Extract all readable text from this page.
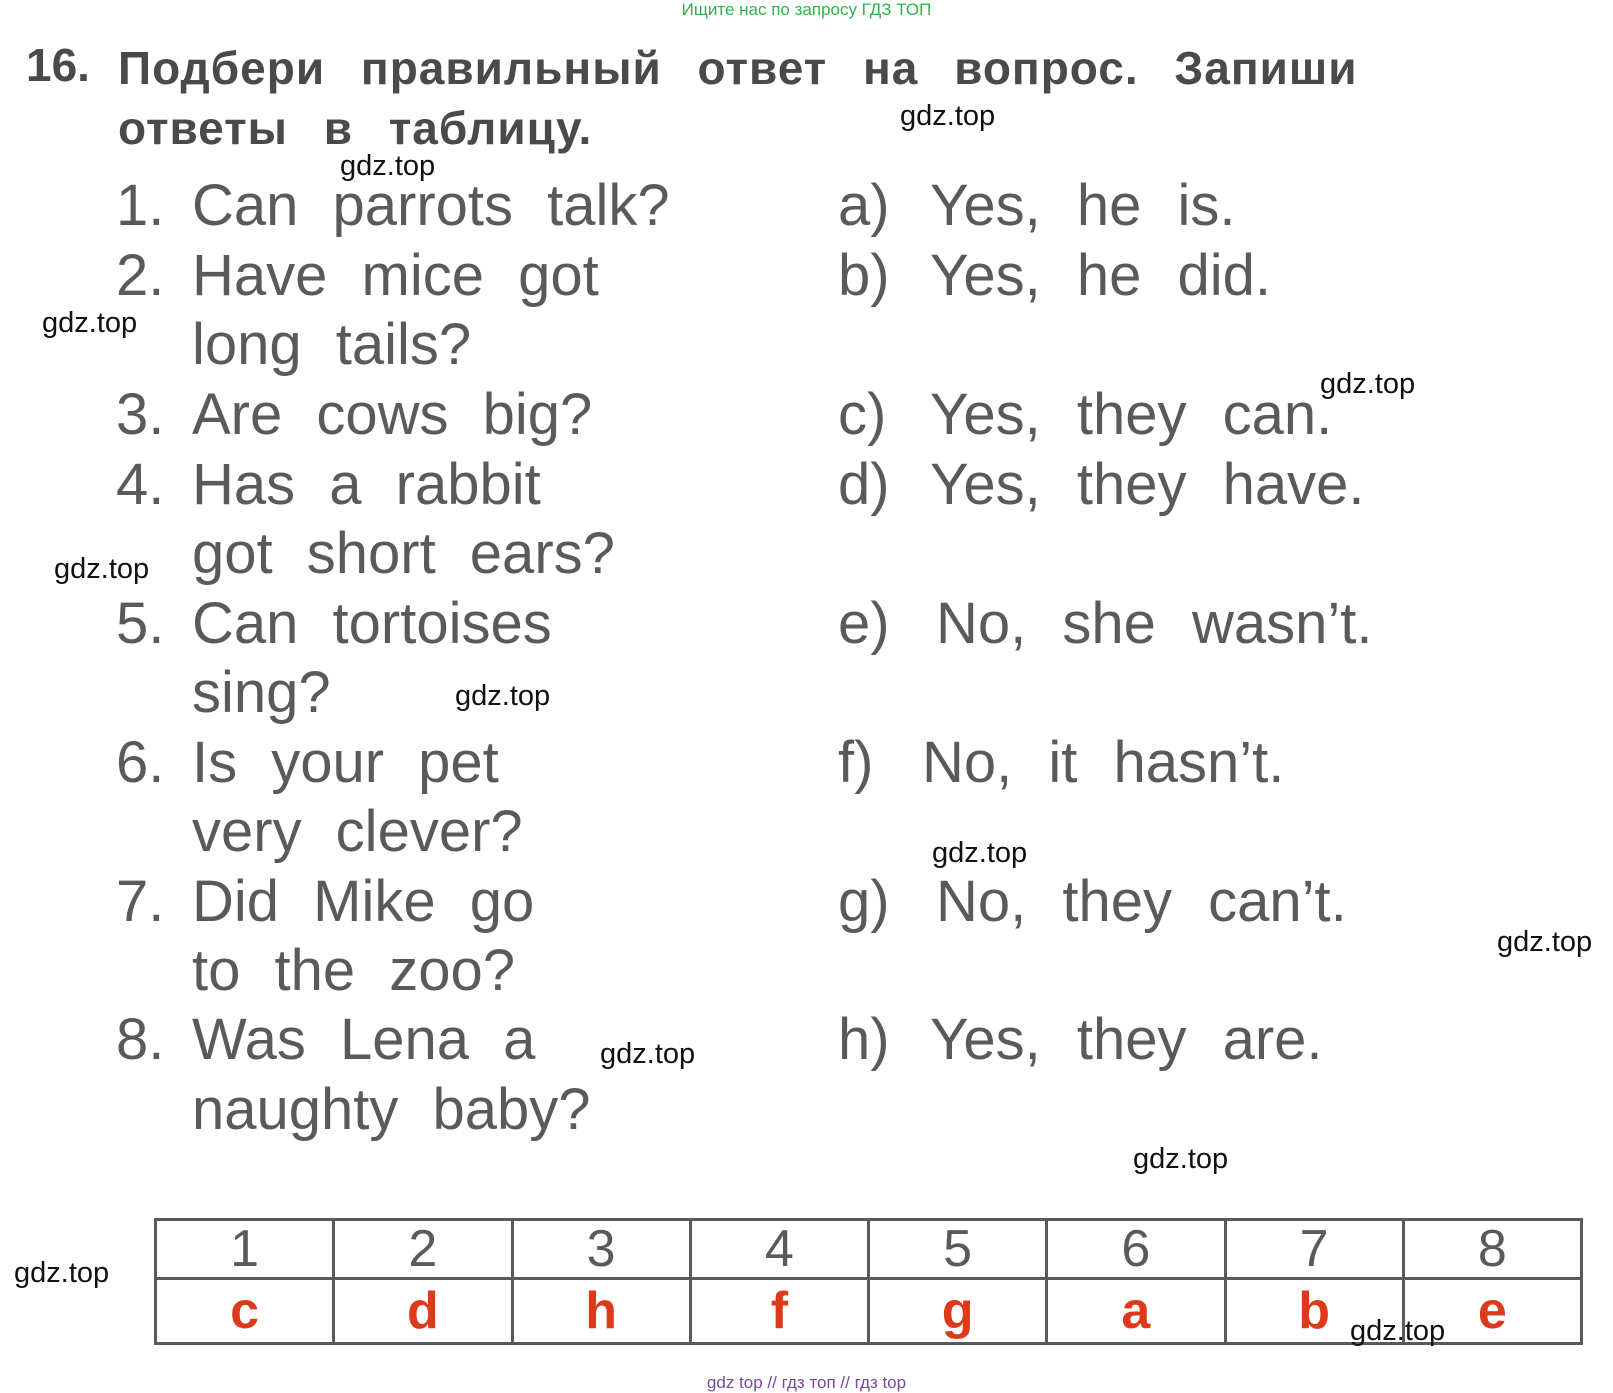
Ищите нас по запросу ГДЗ ТОП
16. Подбери правильный ответ на вопрос. Запиши ответы в таблицу.
1. Can parrots talk?
2. Have mice got
long tails?
3. Are cows big?
4. Has a rabbit
got short ears?
5. Can tortoises
sing?
6. Is your pet
very clever?
7. Did Mike go
to the zoo?
8. Was Lena a
naughty baby?
a) Yes, he is.
b) Yes, he did.
c) Yes, they can.
d) Yes, they have.
e) No, she wasn’t.
f) No, it hasn’t.
g) No, they can’t.
h) Yes, they are.
1	2	3	4	5	6	7	8
c	d	h	f	g	a	b	e
gdz.top
gdz.top
gdz.top
gdz.top
gdz.top
gdz.top
gdz.top
gdz.top
gdz.top
gdz.top
gdz.top
gdz.top
gdz top // гдз топ // гдз top
